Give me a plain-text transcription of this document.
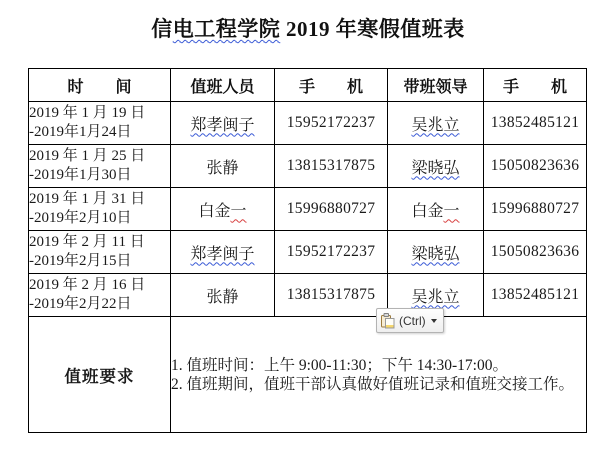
信电工程学院 2019 年寒假值班表
时　　间	值班人员	手　　机	带班领导	手　　机

2019 年 1 月 19 日
-2019年1月24日	郑孝闽子	15952172237	吴兆立	13852485121

2019 年 1 月 25 日
-2019年1月30日	张静	13815317875	梁晓弘	15050823636

2019 年 1 月 31 日
-2019年2月10日	白金一	15996880727	白金一	15996880727

2019 年 2 月 11 日
-2019年2月15日	郑孝闽子	15952172237	梁晓弘	15050823636

2019 年 2 月 16 日
-2019年2月22日	张静	13815317875	吴兆立	13852485121
值班要求	1. 值班时间：上午 9:00-11:30；下午 14:30-17:00。
2. 值班期间，值班干部认真做好值班记录和值班交接工作。			
(Ctrl)
